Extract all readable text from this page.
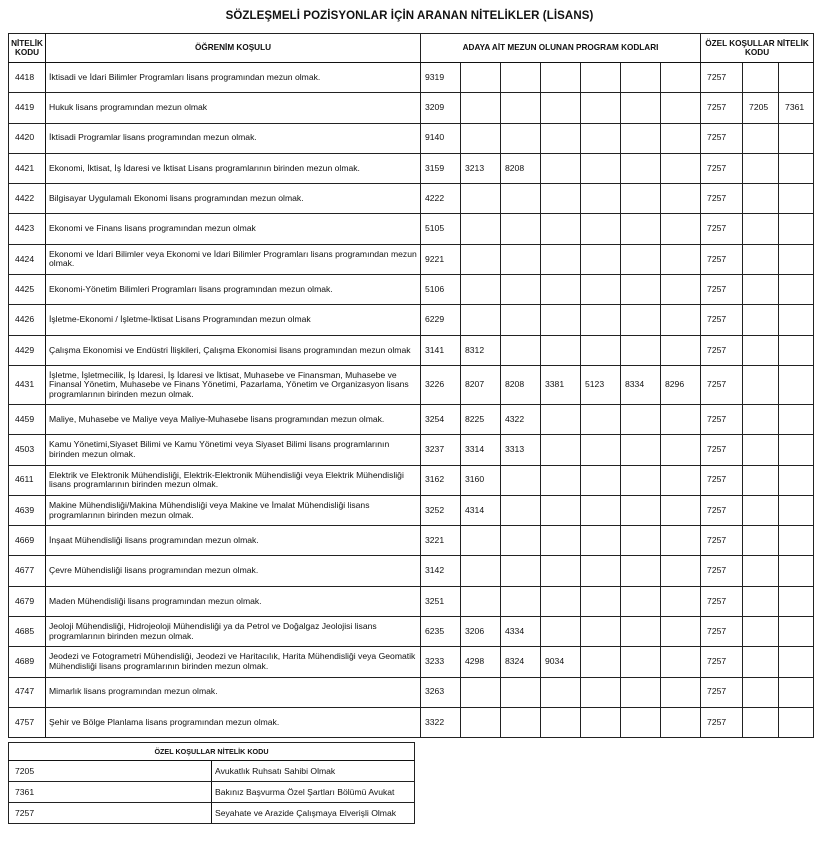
SÖZLEŞMELİ POZİSYONLAR İÇİN ARANAN NİTELİKLER (LİSANS)
NİTELİK KODU	ÖĞRENİM KOŞULU	ADAYA AİT MEZUN OLUNAN PROGRAM KODLARI							ÖZEL KOŞULLAR NİTELİK KODU		
4418	İktisadi ve İdari Bilimler Programları lisans programından mezun olmak.	9319							7257		
4419	Hukuk lisans programından mezun olmak	3209							7257	7205	7361
4420	İktisadi Programlar lisans programından mezun olmak.	9140							7257		
4421	Ekonomi, İktisat, İş İdaresi ve İktisat Lisans programlarının birinden mezun olmak.	3159	3213	8208					7257		
4422	Bilgisayar Uygulamalı Ekonomi lisans programından mezun olmak.	4222							7257		
4423	Ekonomi ve Finans lisans programından mezun olmak	5105							7257		
4424	Ekonomi ve İdari Bilimler veya Ekonomi ve İdari Bilimler Programları lisans programından mezun olmak.	9221							7257		
4425	Ekonomi-Yönetim Bilimleri Programları lisans programından mezun olmak.	5106							7257		
4426	İşletme-Ekonomi / İşletme-İktisat Lisans Programından mezun olmak	6229							7257		
4429	Çalışma Ekonomisi ve Endüstri İlişkileri, Çalışma Ekonomisi lisans programından mezun olmak	3141	8312						7257		
4431	İşletme, İşletmecilik, İş İdaresi, İş İdaresi ve İktisat, Muhasebe ve Finansman, Muhasebe ve Finansal Yönetim, Muhasebe ve Finans Yönetimi, Pazarlama, Yönetim ve Organizasyon lisans programlarının birinden mezun olmak.	3226	8207	8208	3381	5123	8334	8296	7257		
4459	Maliye, Muhasebe ve Maliye veya Maliye-Muhasebe lisans programından mezun olmak.	3254	8225	4322					7257		
4503	Kamu Yönetimi,Siyaset Bilimi ve Kamu Yönetimi veya Siyaset Bilimi lisans programlarının birinden mezun olmak.	3237	3314	3313					7257		
4611	Elektrik ve Elektronik Mühendisliği, Elektrik-Elektronik Mühendisliği veya Elektrik Mühendisliği lisans programlarının birinden mezun olmak.	3162	3160						7257		
4639	Makine Mühendisliği/Makina Mühendisliği veya Makine ve İmalat Mühendisliği lisans programlarının birinden mezun olmak.	3252	4314						7257		
4669	İnşaat Mühendisliği lisans programından mezun olmak.	3221							7257		
4677	Çevre Mühendisliği lisans programından mezun olmak.	3142							7257		
4679	Maden Mühendisliği lisans programından mezun olmak.	3251							7257		
4685	Jeoloji Mühendisliği, Hidrojeoloji Mühendisliği ya da Petrol ve Doğalgaz Jeolojisi lisans programlarının birinden mezun olmak.	6235	3206	4334					7257		
4689	Jeodezi ve Fotogrametri Mühendisliği, Jeodezi ve Haritacılık, Harita Mühendisliği veya Geomatik Mühendisliği lisans programlarının birinden mezun olmak.	3233	4298	8324	9034				7257		
4747	Mimarlık lisans programından mezun olmak.	3263							7257		
4757	Şehir ve Bölge Planlama lisans programından mezun olmak.	3322							7257		
ÖZEL KOŞULLAR NİTELİK KODU	
7205	Avukatlık Ruhsatı Sahibi Olmak
7361	Bakınız Başvurma Özel Şartları Bölümü Avukat
7257	Seyahate ve Arazide Çalışmaya Elverişli Olmak
